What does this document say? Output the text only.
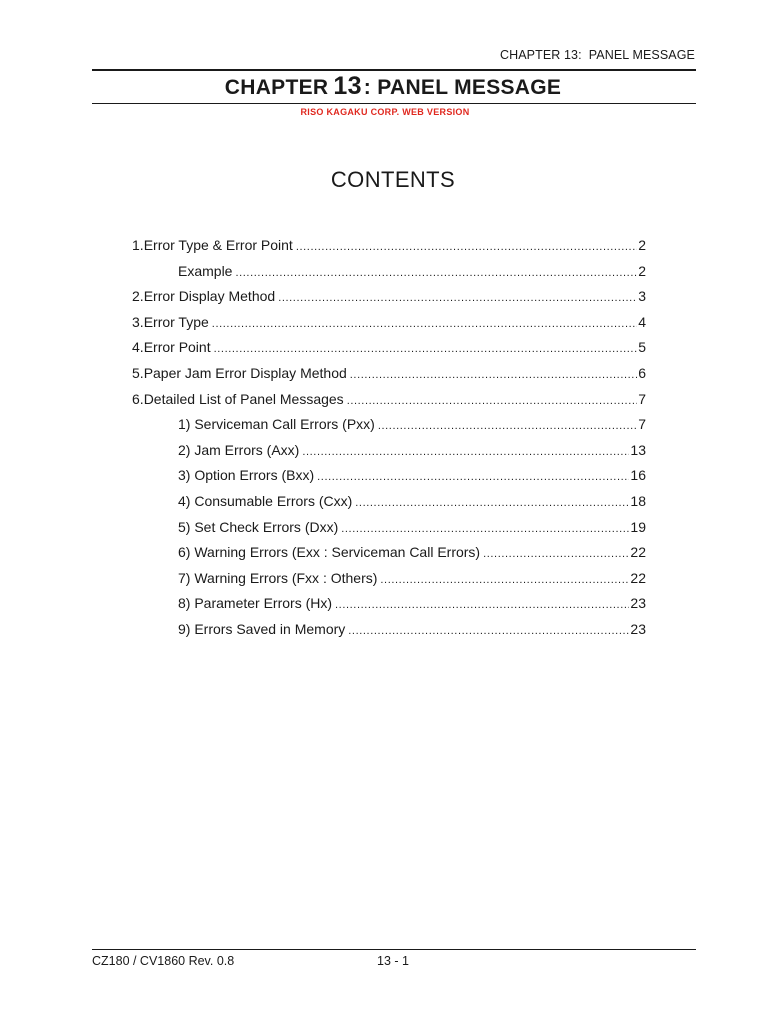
CHAPTER 13:  PANEL MESSAGE
CHAPTER 13: PANEL MESSAGE
RISO KAGAKU CORP. WEB VERSION
CONTENTS
1. Error Type & Error Point .....	2
Example .....	2
2. Error Display Method .....	3
3. Error Type .....	4
4. Error Point .....	5
5. Paper Jam Error Display Method .....	6
6. Detailed List of Panel Messages .....	7
1) Serviceman Call Errors (Pxx) .....	7
2) Jam Errors (Axx) .....	13
3) Option Errors (Bxx) .....	16
4) Consumable Errors (Cxx) .....	18
5) Set Check Errors (Dxx) .....	19
6) Warning Errors (Exx : Serviceman Call Errors) .....	22
7) Warning Errors (Fxx : Others) .....	22
8) Parameter Errors (Hx) .....	23
9) Errors Saved in Memory .....	23
CZ180 / CV1860 Rev. 0.8	13 - 1
